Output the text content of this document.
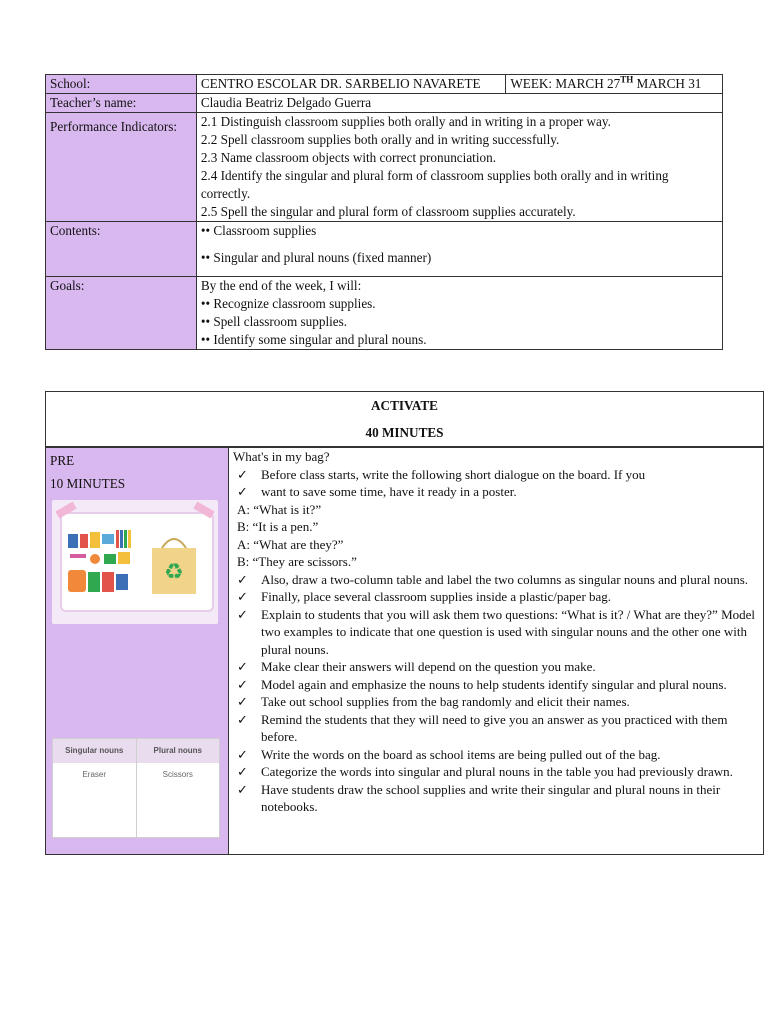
School:	CENTRO ESCOLAR DR. SARBELIO NAVARETE	WEEK: MARCH 27TH MARCH 31
Teacher’s name:	Claudia Beatriz Delgado Guerra	
Performance Indicators:	2.1 Distinguish classroom supplies both orally and in writing in a proper way.
2.2 Spell classroom supplies both orally and in writing successfully.
2.3 Name classroom objects with correct pronunciation.
2.4 Identify the singular and plural form of classroom supplies both orally and in writing correctly.
2.5 Spell the singular and plural form of classroom supplies accurately.	

Contents:	•• Classroom supplies
•• Singular and plural nouns (fixed manner)	

Goals:	By the end of the week, I will:
•• Recognize classroom supplies.
•• Spell classroom supplies.
•• Identify some singular and plural nouns.	
ACTIVATE
40 MINUTES
PRE
10 MINUTES
♻
Singular nouns	Plural nouns
Eraser	Scissors

What's in my bag?
✓ Before class starts, write the following short dialogue on the board. If you
✓ want to save some time, have it ready in a poster.
A: “What is it?”
B: “It is a pen.”
A: “What are they?”
B: “They are scissors.”
✓ Also, draw a two-column table and label the two columns as singular nouns and plural nouns.
✓ Finally, place several classroom supplies inside a plastic/paper bag.
✓ Explain to students that you will ask them two questions: “What is it? / What are they?” Model two examples to indicate that one question is used with singular nouns and the other one with plural nouns.
✓ Make clear their answers will depend on the question you make.
✓ Model again and emphasize the nouns to help students identify singular and plural nouns.
✓ Take out school supplies from the bag randomly and elicit their names.
✓ Remind the students that they will need to give you an answer as you practiced with them before.
✓ Write the words on the board as school items are being pulled out of the bag.
✓ Categorize the words into singular and plural nouns in the table you had previously drawn.
✓ Have students draw the school supplies and write their singular and plural nouns in their notebooks.
